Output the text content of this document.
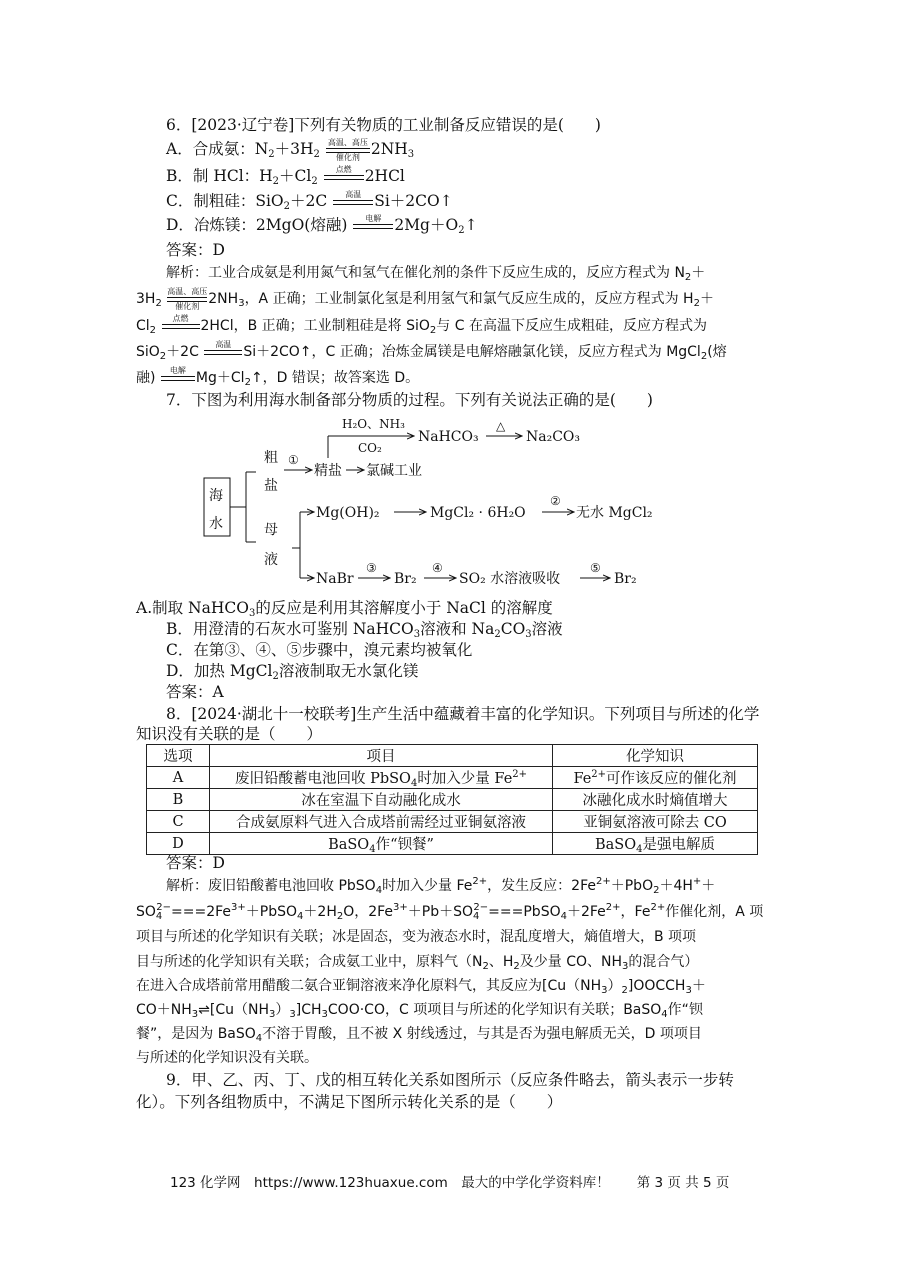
6．[2023·辽宁卷]下列有关物质的工业制备反应错误的是(　　)
A．合成氨：$N_2+3H_2$
高温、高压
催化剂 $2NH_3$
B．制 HCl：$H_2+Cl_2$
点燃 2HCl
C．制粗硅：SiO$_2$＋2C	高温 Si＋2CO↑
D．冶炼镁：2MgO(熔融)	电解 $2Mg+O_2↑$
答案：D
解析：工业合成氨是利用氮气和氢气在催化剂的条件下反应生成的，反应方程式为 $N_2+$
$3H_2$
高温、高压
催化剂 $2NH_3$，A 正确；工业制氯化氢是利用氢气和氯气反应生成的，反应方程式为 $H_2+$
$Cl_2$
点燃 2HCl，B 正确；工业制粗硅是将 SiO$_2$与 C 在高温下反应生成粗硅，反应方程式为
SiO$_2$＋2C	高温 Si＋2CO↑，C 正确；冶炼金属镁是电解熔融氯化镁，反应方程式为 MgCl$_2$(熔
融)	电解 $Mg+Cl_2↑$，D 错误；故答案选 D。
7．下图为利用海水制备部分物质的过程。下列有关说法正确的是(　　)
海
水
粗
盐
母
液
①
精盐
H₂O、NH₃
CO₂
NaHCO₃
△
Na₂CO₃
氯碱工业
Mg(OH)₂	MgCl₂ · 6H₂O
②
无水 MgCl₂
NaBr
③
Br₂
④
SO₂ 水溶液吸收
⑤
Br₂
A.制取 NaHCO$_3$的反应是利用其溶解度小于 NaCl 的溶解度
B．用澄清的石灰水可鉴别 NaHCO$_3$溶液和 $Na_2CO_3$溶液
C．在第③、④、⑤步骤中，溴元素均被氧化
D．加热 MgCl$_2$溶液制取无水氯化镁
答案：A
8．[2024·湖北十一校联考]生产生活中蕴藏着丰富的化学知识。下列项目与所述的化学
知识没有关联的是（　　）
选项	项目	化学知识
A	废旧铅酸蓄电池回收 PbSO$_4$时加入少量 $Fe^{2+}$	$Fe^{2+}$可作该反应的催化剂
B	冰在室温下自动融化成水	冰融化成水时熵值增大
C	合成氨原料气进入合成塔前需经过亚铜氨溶液	亚铜氨溶液可除去 CO
D	BaSO$_4$作“钡餐”	BaSO$_4$是强电解质
答案：D
解析：废旧铅酸蓄电池回收 PbSO$_4$时加入少量 $Fe^{2+}$，发生反应：$2Fe^{2+}+PbO_2+4H^++$
$SO_4^{2-}===2Fe^{3+}+PbSO_4+2H_2O$，$2Fe^{3+}+Pb+SO_4^{2-}===PbSO_4+2Fe^{2+}$，$Fe^{2+}$作催化剂，A 项
项目与所述的化学知识有关联；冰是固态，变为液态水时，混乱度增大，熵值增大，B 项项
目与所述的化学知识有关联；合成氨工业中，原料气（$N_2$、$H_2$及少量 CO、$NH_3$的混合气）
在进入合成塔前常用醋酸二氨合亚铜溶液来净化原料气，其反应为$[Cu(NH_3)_2]OOCCH_3+$
$CO+NH_3\rightleftharpoons[Cu(NH_3)_3]CH_3COO\cdot CO$，C 项项目与所述的化学知识有关联；BaSO$_4$作“钡
餐”，是因为 BaSO$_4$不溶于胃酸，且不被 X 射线透过，与其是否为强电解质无关，D 项项目
与所述的化学知识没有关联。
9．甲、乙、丙、丁、戊的相互转化关系如图所示（反应条件略去，箭头表示一步转
化）。下列各组物质中，不满足下图所示转化关系的是（　　）
123 化学网　https://www.123huaxue.com　最大的中学化学资料库！　　第 3 页 共 5 页
